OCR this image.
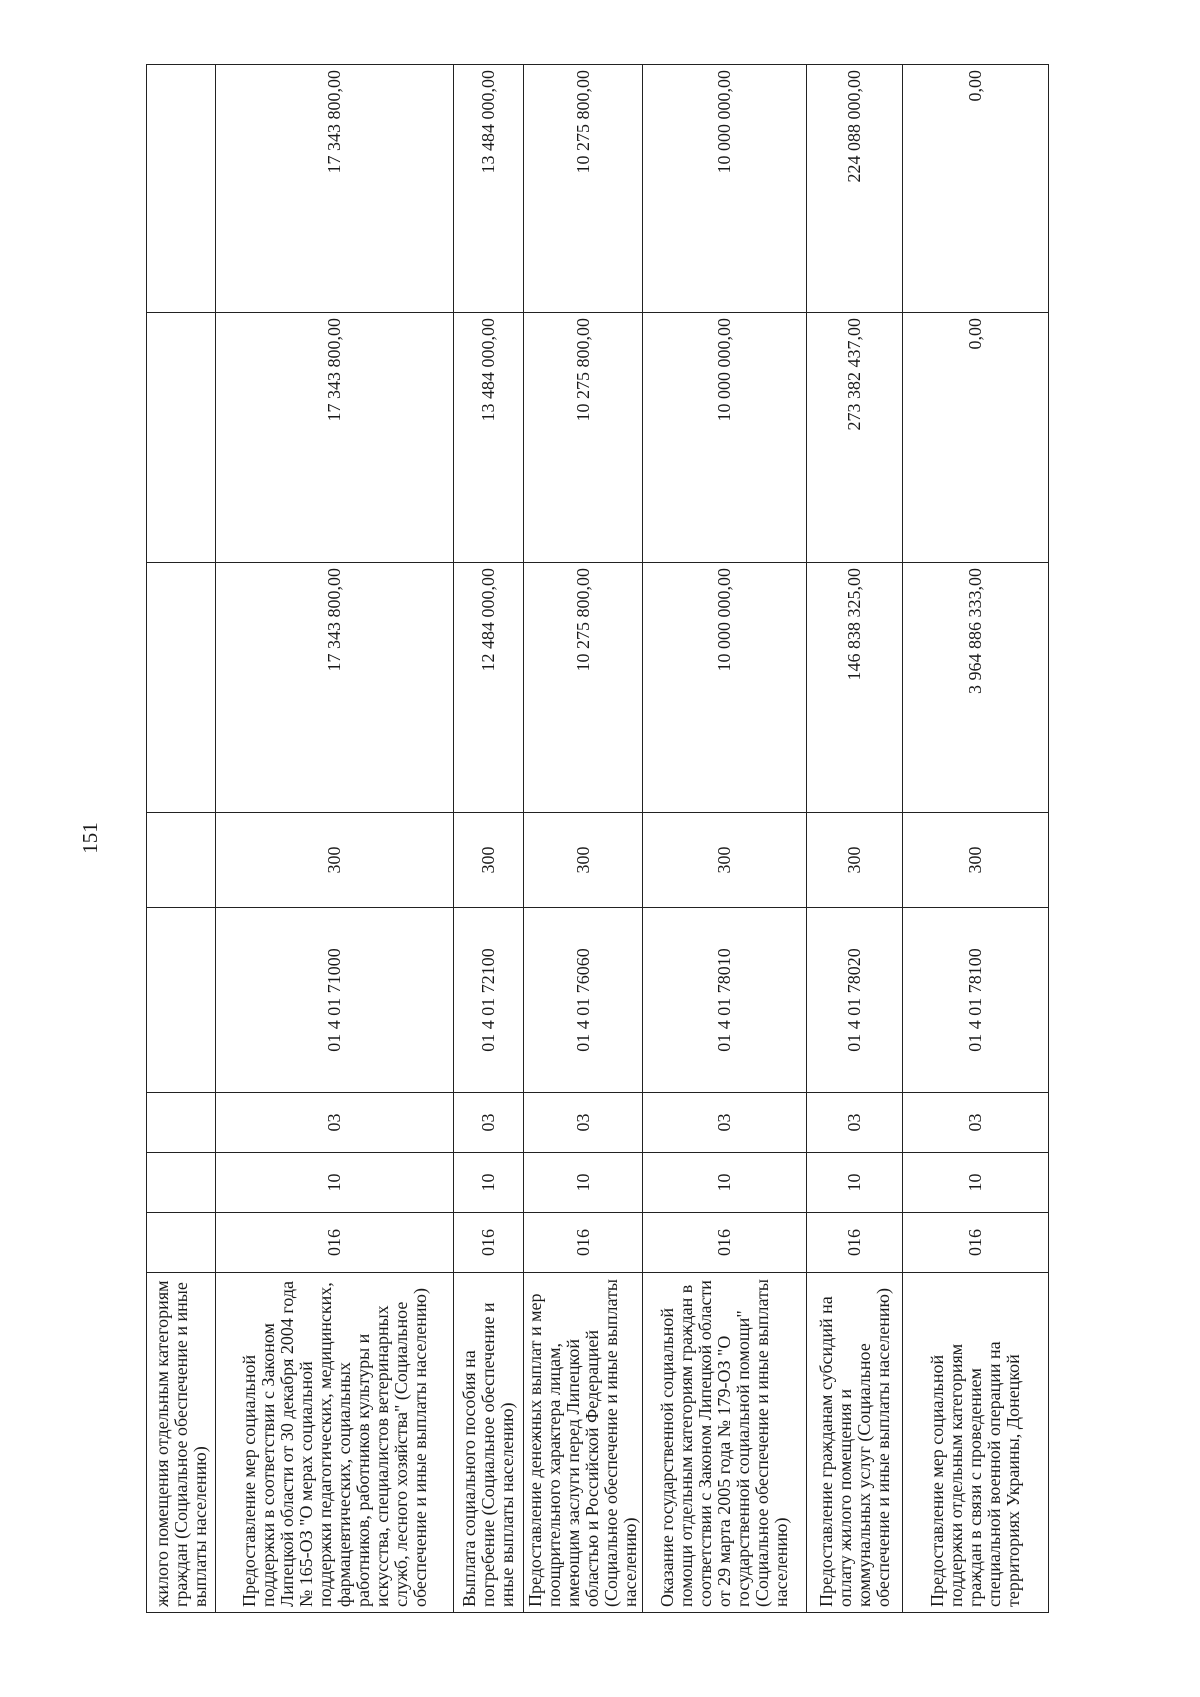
151
жилого помещения отдельным категориям граждан (Социальное обеспечение и иные выплаты населению)								
Предоставление мер социальной поддержки в соответствии с Законом Липецкой области от 30 декабря 2004 года № 165-ОЗ "О мерах социальной поддержки педагогических, медицинских, фармацевтических, социальных работников, работников культуры и искусства, специалистов ветеринарных служб, лесного хозяйства" (Социальное обеспечение и иные выплаты населению)	016	10	03	01 4 01 71000	300	17 343 800,00	17 343 800,00	17 343 800,00
Выплата социального пособия на погребение (Социальное обеспечение и иные выплаты населению)	016	10	03	01 4 01 72100	300	12 484 000,00	13 484 000,00	13 484 000,00
Предоставление денежных выплат и мер поощрительного характера лицам, имеющим заслуги перед Липецкой областью и Российской Федерацией (Социальное обеспечение и иные выплаты населению)	016	10	03	01 4 01 76060	300	10 275 800,00	10 275 800,00	10 275 800,00
Оказание государственной социальной помощи отдельным категориям граждан в соответствии с Законом Липецкой области от 29 марта 2005 года № 179-ОЗ "О государственной социальной помощи" (Социальное обеспечение и иные выплаты населению)	016	10	03	01 4 01 78010	300	10 000 000,00	10 000 000,00	10 000 000,00
Предоставление гражданам субсидий на оплату жилого помещения и коммунальных услуг (Социальное обеспечение и иные выплаты населению)	016	10	03	01 4 01 78020	300	146 838 325,00	273 382 437,00	224 088 000,00
Предоставление мер социальной поддержки отдельным категориям граждан в связи с проведением специальной военной операции на территориях Украины, Донецкой	016	10	03	01 4 01 78100	300	3 964 886 333,00	0,00	0,00
